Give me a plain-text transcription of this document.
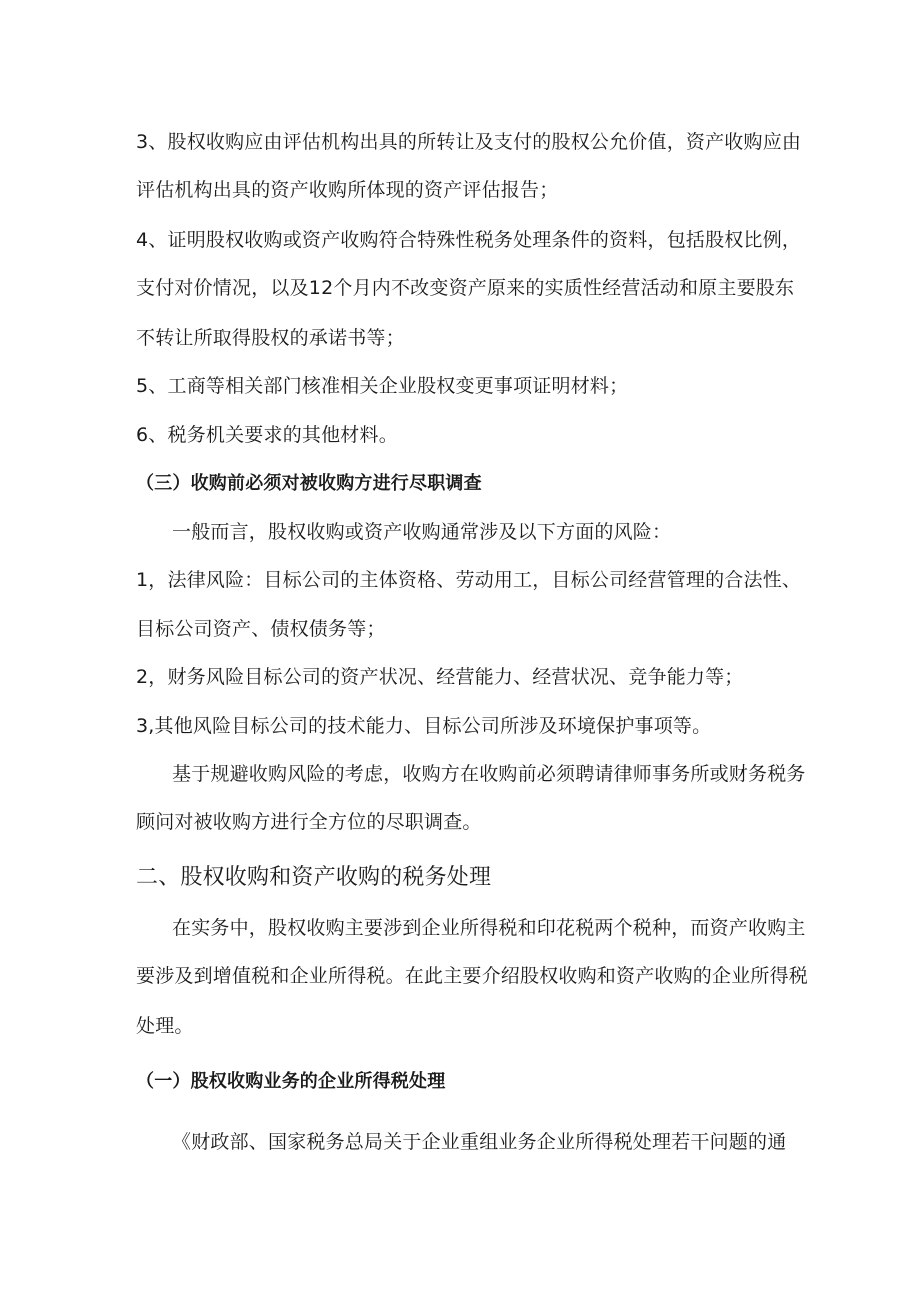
3、股权收购应由评估机构出具的所转让及支付的股权公允价值，资产收购应由
评估机构出具的资产收购所体现的资产评估报告；
4、证明股权收购或资产收购符合特殊性税务处理条件的资料，包括股权比例，
支付对价情况，以及12个月内不改变资产原来的实质性经营活动和原主要股东
不转让所取得股权的承诺书等；
5、工商等相关部门核准相关企业股权变更事项证明材料；
6、税务机关要求的其他材料。
（三）收购前必须对被收购方进行尽职调查
一般而言，股权收购或资产收购通常涉及以下方面的风险：
1，法律风险：目标公司的主体资格、劳动用工，目标公司经营管理的合法性、
目标公司资产、债权债务等；
2，财务风险目标公司的资产状况、经营能力、经营状况、竞争能力等；
3,其他风险目标公司的技术能力、目标公司所涉及环境保护事项等。
基于规避收购风险的考虑，收购方在收购前必须聘请律师事务所或财务税务
顾问对被收购方进行全方位的尽职调查。
二、股权收购和资产收购的税务处理
在实务中，股权收购主要涉到企业所得税和印花税两个税种，而资产收购主
要涉及到增值税和企业所得税。在此主要介绍股权收购和资产收购的企业所得税
处理。
（一）股权收购业务的企业所得税处理
《财政部、国家税务总局关于企业重组业务企业所得税处理若干问题的通
